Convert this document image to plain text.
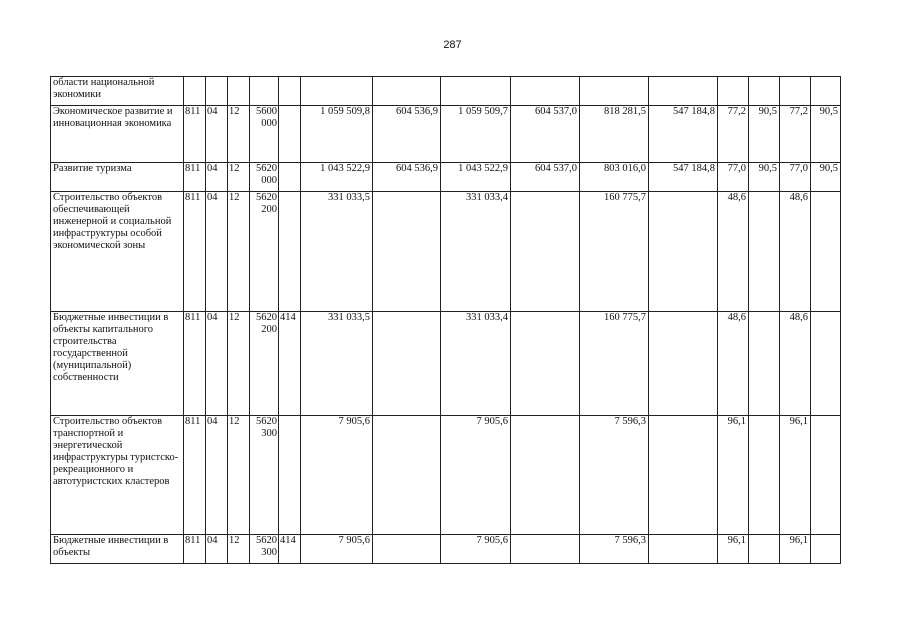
287
области национальной экономики															
Экономическое развитие и инновационная экономика	811	04	12	5600 000		1 059 509,8	604 536,9	1 059 509,7	604 537,0	818 281,5	547 184,8	77,2	90,5	77,2	90,5
Развитие туризма	811	04	12	5620 000		1 043 522,9	604 536,9	1 043 522,9	604 537,0	803 016,0	547 184,8	77,0	90,5	77,0	90,5
Строительство объектов обеспечивающей инженерной и социальной инфраструктуры особой экономической зоны	811	04	12	5620 200		331 033,5		331 033,4		160 775,7		48,6		48,6	
Бюджетные инвестиции в объекты капитального строительства государственной (муниципальной) собственности	811	04	12	5620 200	414	331 033,5		331 033,4		160 775,7		48,6		48,6	
Строительство объектов транспортной и энергетической инфраструктуры туристско-рекреационного и автотуристских кластеров	811	04	12	5620 300		7 905,6		7 905,6		7 596,3		96,1		96,1	
Бюджетные инвестиции в объекты	811	04	12	5620 300	414	7 905,6		7 905,6		7 596,3		96,1		96,1	
